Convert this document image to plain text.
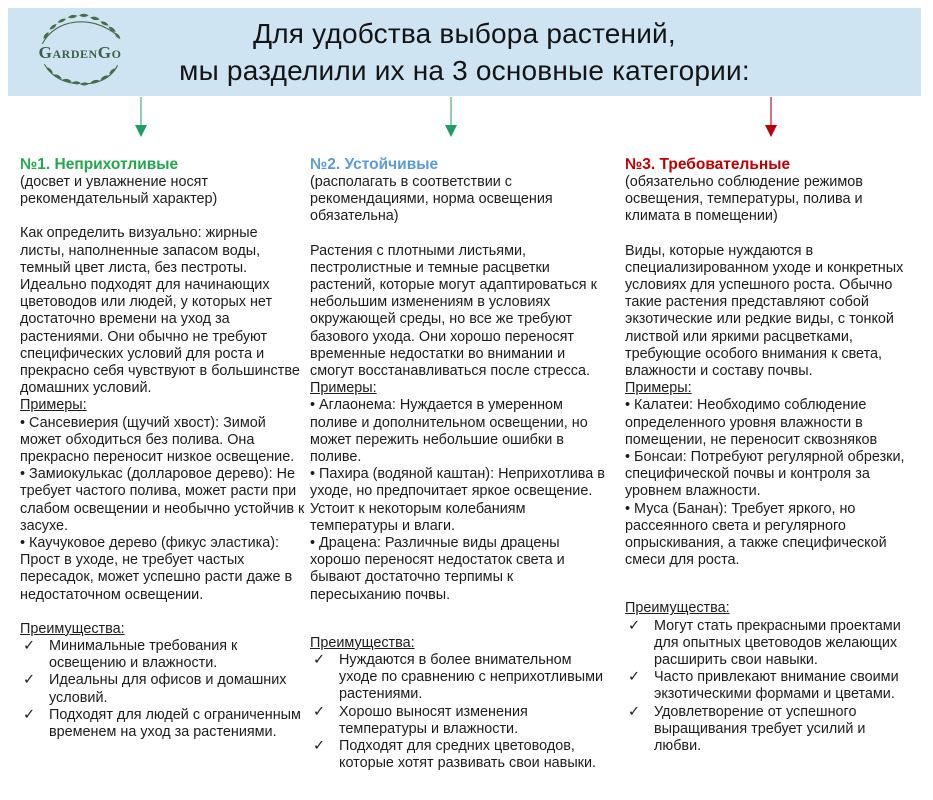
GardenGo
Для удобства выбора растений,
мы разделили их на 3 основные категории:
№1. Неприхотливые

(досвет и увлажнение носят рекомендательный характер)

Как определить визуально: жирные листы, наполненные запасом воды, темный цвет листа, без пестроты. Идеально подходят для начинающих цветоводов или людей, у которых нет достаточно времени на уход за растениями. Они обычно не требуют специфических условий для роста и прекрасно себя чувствуют в большинстве домашних условий.

Примеры:

• Сансевиерия (щучий хвост): Зимой может обходиться без полива. Она прекрасно переносит низкое освещение.
• Замиокулькас (долларовое дерево): Не требует частого полива, может расти при слабом освещении и необычно устойчив к засухе.
• Каучуковое дерево (фикус эластика): Прост в уходе, не требует частых пересадок, может успешно расти даже в недостаточном освещении.

Преимущества:

✓ Минимальные требования к освещению и влажности.
✓ Идеальны для офисов и домашних условий.
✓ Подходят для людей с ограниченным временем на уход за растениями.
№2. Устойчивые

(располагать в соответствии с рекомендациями, норма освещения обязательна)

Растения с плотными листьями, пестролистные и темные расцветки растений, которые могут адаптироваться к небольшим изменениям в условиях окружающей среды, но все же требуют базового ухода. Они хорошо переносят временные недостатки во внимании и смогут восстанавливаться после стресса.

Примеры:

• Аглаонема: Нуждается в умеренном поливе и дополнительном освещении, но может пережить небольшие ошибки в поливе.
• Пахира (водяной каштан): Неприхотлива в уходе, но предпочитает яркое освещение. Устоит к некоторым колебаниям температуры и влаги.
• Драцена: Различные виды драцены хорошо переносят недостаток света и бывают достаточно терпимы к пересыханию почвы.

Преимущества:

✓ Нуждаются в более внимательном уходе по сравнению с неприхотливыми растениями.
✓ Хорошо выносят изменения температуры и влажности.
✓ Подходят для средних цветоводов, которые хотят развивать свои навыки.
№3. Требовательные

(обязательно соблюдение режимов освещения, температуры, полива и климата в помещении)

Виды, которые нуждаются в специализированном уходе и конкретных условиях для успешного роста. Обычно такие растения представляют собой экзотические или редкие виды, с тонкой листвой или яркими расцветками, требующие особого внимания к света, влажности и составу почвы.

Примеры:

• Калатеи: Необходимо соблюдение определенного уровня влажности в помещении, не переносит сквозняков
• Бонсаи: Потребуют регулярной обрезки, специфической почвы и контроля за уровнем влажности.
• Муса (Банан): Требует яркого, но рассеянного света и регулярного опрыскивания, а также специфической смеси для роста.

Преимущества:

✓ Могут стать прекрасными проектами для опытных цветоводов желающих расширить свои навыки.
✓ Часто привлекают внимание своими экзотическими формами и цветами.
✓ Удовлетворение от успешного выращивания требует усилий и любви.
